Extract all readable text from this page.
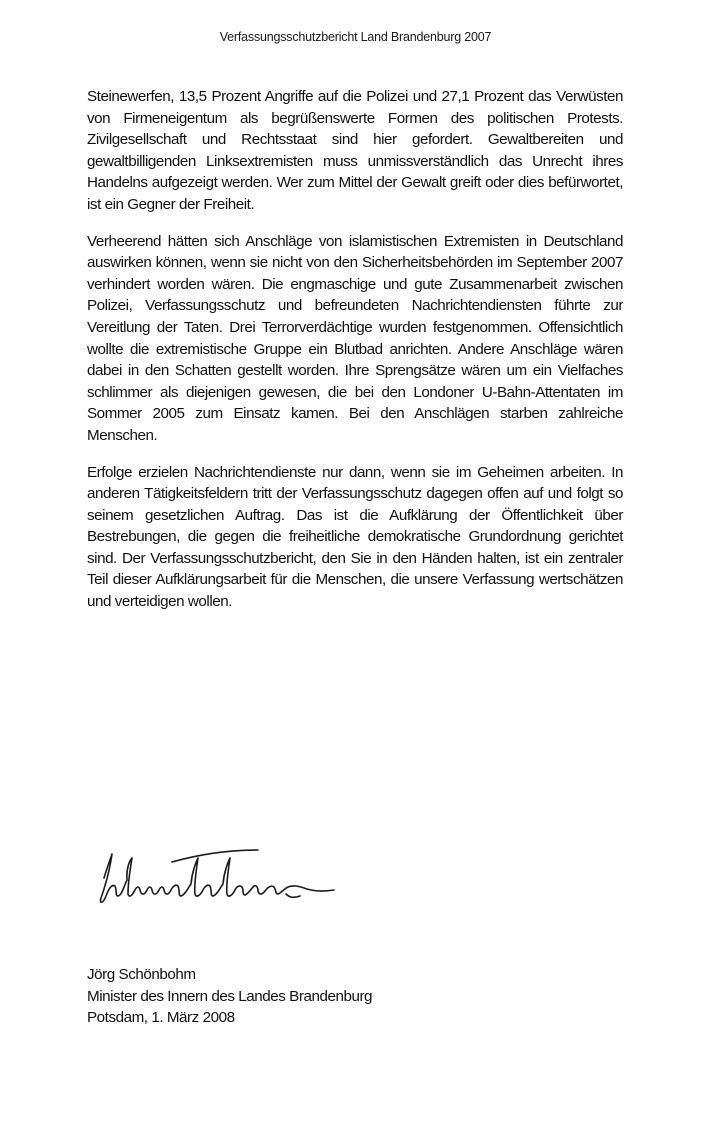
Verfassungsschutzbericht Land Brandenburg 2007

Steinewerfen, 13,5 Prozent Angriffe auf die Polizei und 27,1 Prozent das Verwüsten von Firmeneigentum als begrüßenswerte Formen des politischen Protests. Zivilgesellschaft und Rechtsstaat sind hier gefordert. Gewaltbereiten und gewaltbilligenden Linksextremisten muss unmissverständlich das Unrecht ihres Handelns aufgezeigt werden. Wer zum Mittel der Gewalt greift oder dies befürwortet, ist ein Gegner der Freiheit.

Verheerend hätten sich Anschläge von islamistischen Extremisten in Deutschland auswirken können, wenn sie nicht von den Sicherheitsbehörden im September 2007 verhindert worden wären. Die engmaschige und gute Zusammenarbeit zwischen Polizei, Verfassungsschutz und befreundeten Nachrichtendiensten führte zur Vereitlung der Taten. Drei Terrorverdächtige wurden festgenommen. Offensichtlich wollte die extremistische Gruppe ein Blutbad anrichten. Andere Anschläge wären dabei in den Schatten gestellt worden. Ihre Sprengsätze wären um ein Vielfaches schlimmer als diejenigen gewesen, die bei den Londoner U-Bahn-Attentaten im Sommer 2005 zum Einsatz kamen. Bei den Anschlägen starben zahlreiche Menschen.

Erfolge erzielen Nachrichtendienste nur dann, wenn sie im Geheimen arbeiten. In anderen Tätigkeitsfeldern tritt der Verfassungsschutz dagegen offen auf und folgt so seinem gesetzlichen Auftrag. Das ist die Aufklärung der Öffentlichkeit über Bestrebungen, die gegen die freiheitliche demokratische Grundordnung gerichtet sind. Der Verfassungsschutzbericht, den Sie in den Händen halten, ist ein zentraler Teil dieser Aufklärungsarbeit für die Menschen, die unsere Verfassung wertschätzen und verteidigen wollen.

Jörg Schönbohm
Minister des Innern des Landes Brandenburg
Potsdam, 1. März 2008
